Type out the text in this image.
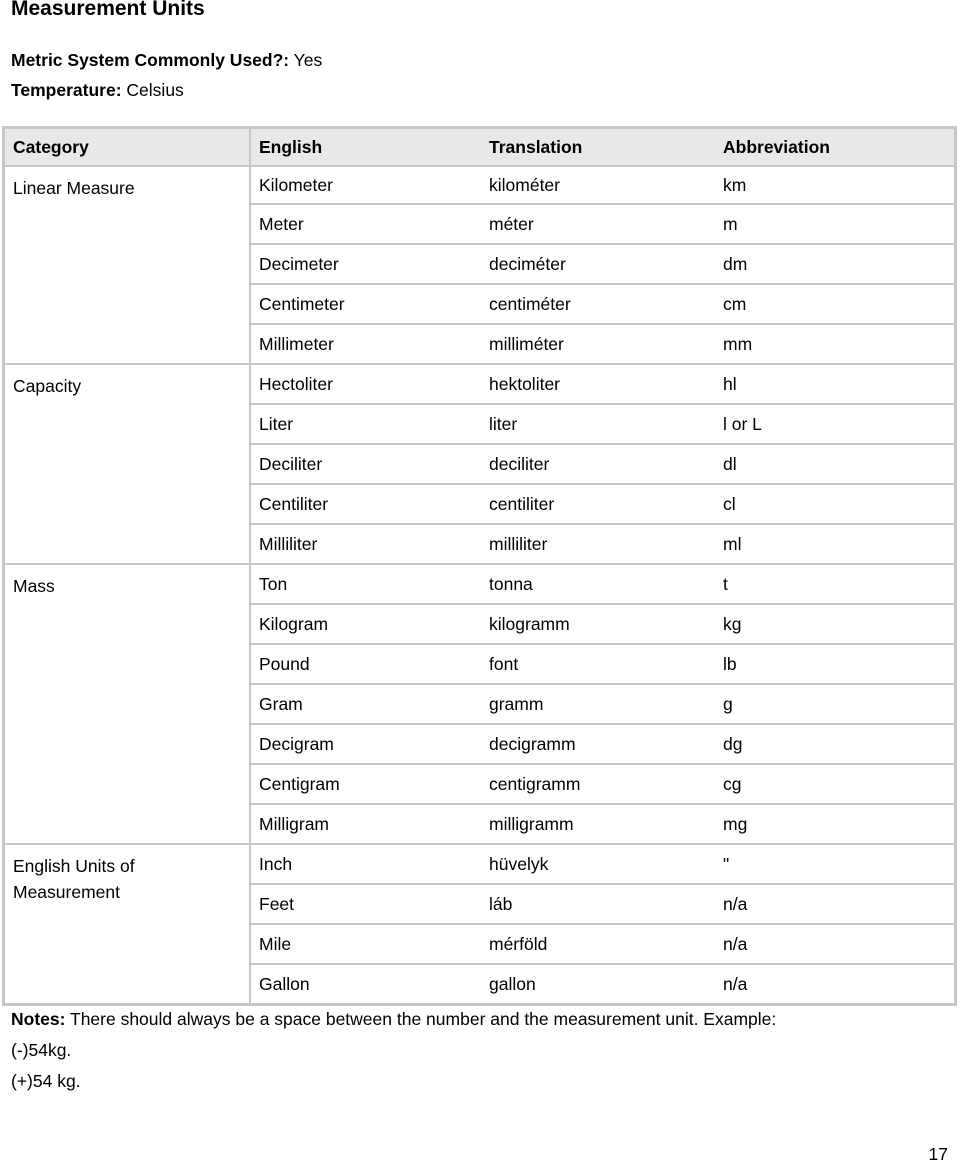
Measurement Units
Metric System Commonly Used?: Yes
Temperature: Celsius
Category	English	Translation	Abbreviation
Linear Measure	Kilometer	kilométer	km
	Meter	méter	m
	Decimeter	deciméter	dm
	Centimeter	centiméter	cm
	Millimeter	milliméter	mm
Capacity	Hectoliter	hektoliter	hl
	Liter	liter	l or L
	Deciliter	deciliter	dl
	Centiliter	centiliter	cl
	Milliliter	milliliter	ml
Mass	Ton	tonna	t
	Kilogram	kilogramm	kg
	Pound	font	lb
	Gram	gramm	g
	Decigram	decigramm	dg
	Centigram	centigramm	cg
	Milligram	milligramm	mg
English Units of Measurement	Inch	hüvelyk	"
	Feet	láb	n/a
	Mile	mérföld	n/a
	Gallon	gallon	n/a
Notes: There should always be a space between the number and the measurement unit. Example:
(-)54kg.
(+)54 kg.
17
